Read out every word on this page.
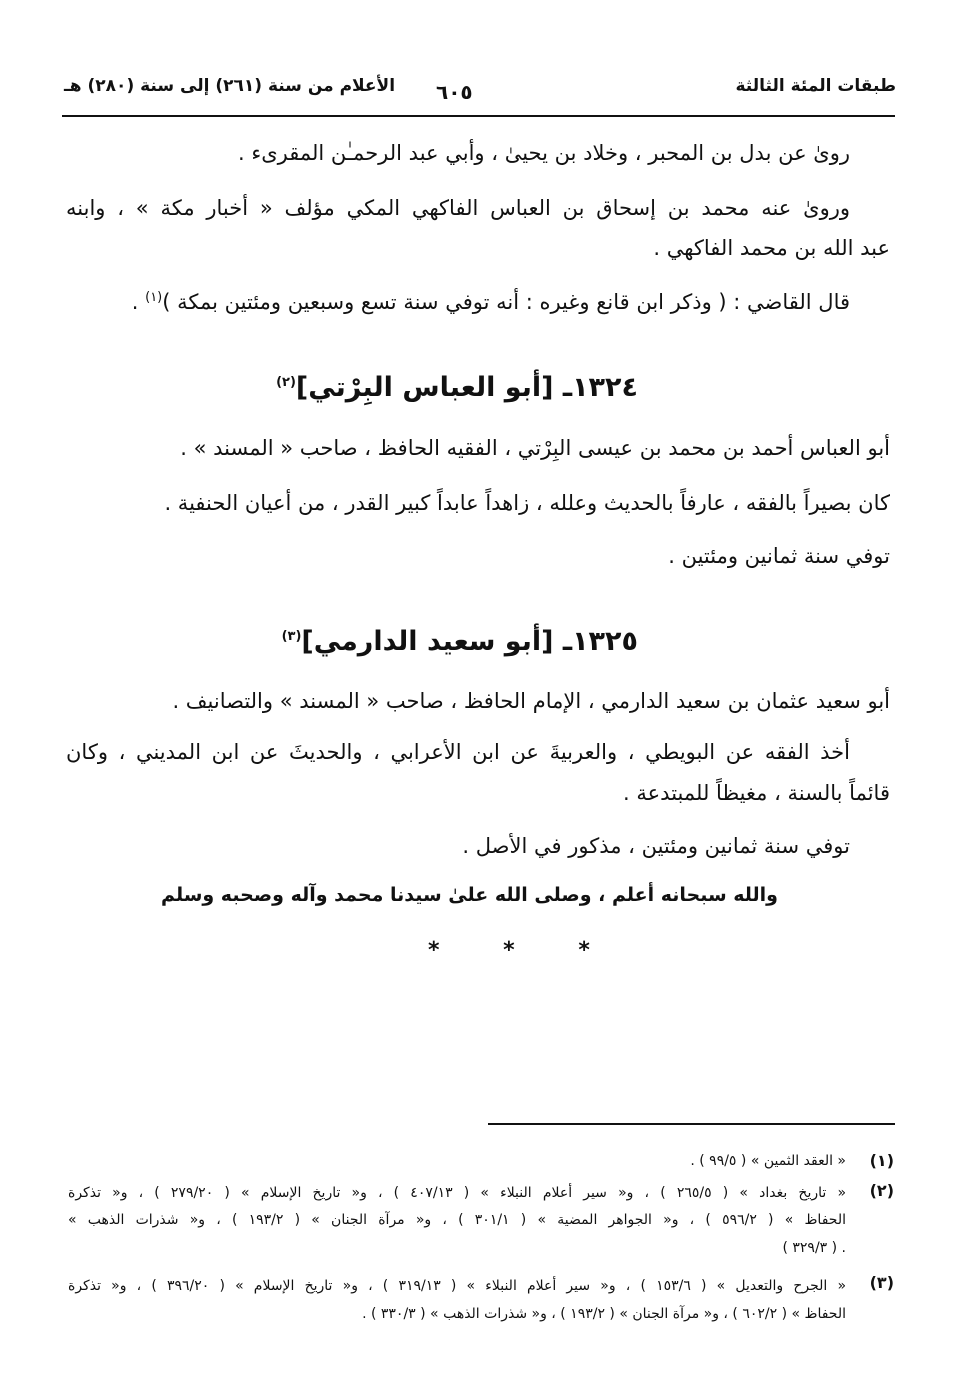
طبقات المئة الثالثة
٦٠٥
الأعلام من سنة (٢٦١) إلى سنة (٢٨٠) هـ
روىٰ عن بدل بن المحبر ، وخلاد بن يحيىٰ ، وأبي عبد الرحمـٰن المقرىء .
وروىٰ عنه محمد بن إسحاق بن العباس الفاكهي المكي مؤلف « أخبار مكة » ، وابنه
عبد الله بن محمد الفاكهي .
قال القاضي : ( وذكر ابن قانع وغيره : أنه توفي سنة تسع وسبعين ومئتين بمكة )$^{(١)}$ .
١٣٢٤ـ [أبو العباس البِرْتي]$^{(٢)}$
أبو العباس أحمد بن محمد بن عيسى البِرْتي ، الفقيه الحافظ ، صاحب « المسند » .
كان بصيراً بالفقه ، عارفاً بالحديث وعلله ، زاهداً عابداً كبير القدر ، من أعيان الحنفية .
توفي سنة ثمانين ومئتين .
١٣٢٥ـ [أبو سعيد الدارمي]$^{(٣)}$
أبو سعيد عثمان بن سعيد الدارمي ، الإمام الحافظ ، صاحب « المسند » والتصانيف .
أخذ الفقه عن البويطي ، والعربيةَ عن ابن الأعرابي ، والحديثَ عن ابن المديني ، وكان
قائماً بالسنة ، مغيظاً للمبتدعة .
توفي سنة ثمانين ومئتين ، مذكور في الأصل .
والله سبحانه أعلم ، وصلى الله علىٰ سيدنا محمد وآله وصحبه وسلم
* * *
(١)
« العقد الثمين » ( ٩٩/٥ ) .
(٢)
« تاريخ بغداد » ( ٢٦٥/٥ ) ، و« سير أعلام النبلاء » ( ٤٠٧/١٣ ) ، و« تاريخ الإسلام » ( ٢٧٩/٢٠ ) ، و« تذكرة
الحفاظ » ( ٥٩٦/٢ ) ، و« الجواهر المضية » ( ٣٠١/١ ) ، و« مرآة الجنان » ( ١٩٣/٢ ) ، و« شذرات الذهب »
( ٣٢٩/٣ ) .
(٣)
« الجرح والتعديل » ( ١٥٣/٦ ) ، و« سير أعلام النبلاء » ( ٣١٩/١٣ ) ، و« تاريخ الإسلام » ( ٣٩٦/٢٠ ) ، و« تذكرة
الحفاظ » ( ٦٠٢/٢ ) ، و« مرآة الجنان » ( ١٩٣/٢ ) ، و« شذرات الذهب » ( ٣٣٠/٣ ) .
